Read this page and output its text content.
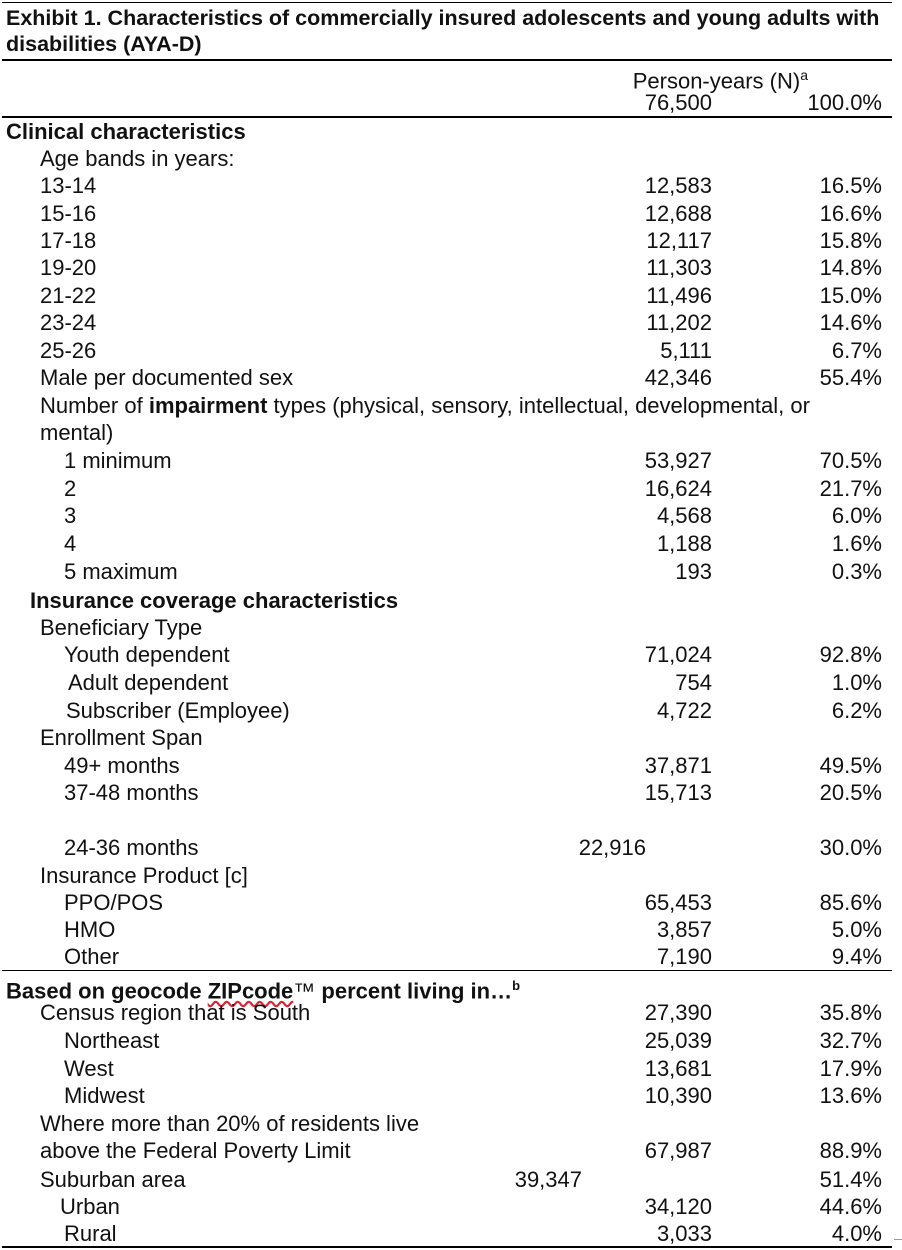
Exhibit 1. Characteristics of commercially insured adolescents and young adults with disabilities (AYA-D)
Person-years $(N)^a$
76,500	100.0%
Clinical characteristics
Age bands in years:
13-14	12,583	16.5%
15-16	12,688	16.6%
17-18	12,117	15.8%
19-20	11,303	14.8%
21-22	11,496	15.0%
23-24	11,202	14.6%
25-26	5,111	6.7%
Male per documented sex	42,346	55.4%
Number of impairment types (physical, sensory, intellectual, developmental, or
mental)
1 minimum	53,927	70.5%
2	16,624	21.7%
3	4,568	6.0%
4	1,188	1.6%
5 maximum	193	0.3%
Insurance coverage characteristics
Beneficiary Type
Youth dependent	71,024	92.8%
Adult dependent	754	1.0%
Subscriber (Employee)	4,722	6.2%
Enrollment Span
49+ months	37,871	49.5%
37-48 months	15,713	20.5%
24-36 months	22,916	30.0%
Insurance Product [c]
PPO/POS	65,453	85.6%
HMO	3,857	5.0%
Other	7,190	9.4%
Based on geocode ZIPcode™ percent living in…$^b$
Census region that is South	27,390	35.8%
Northeast	25,039	32.7%
West	13,681	17.9%
Midwest	10,390	13.6%
Where more than 20% of residents live
above the Federal Poverty Limit	67,987	88.9%
Suburban area	39,347	51.4%
Urban	34,120	44.6%
Rural	3,033	4.0%
